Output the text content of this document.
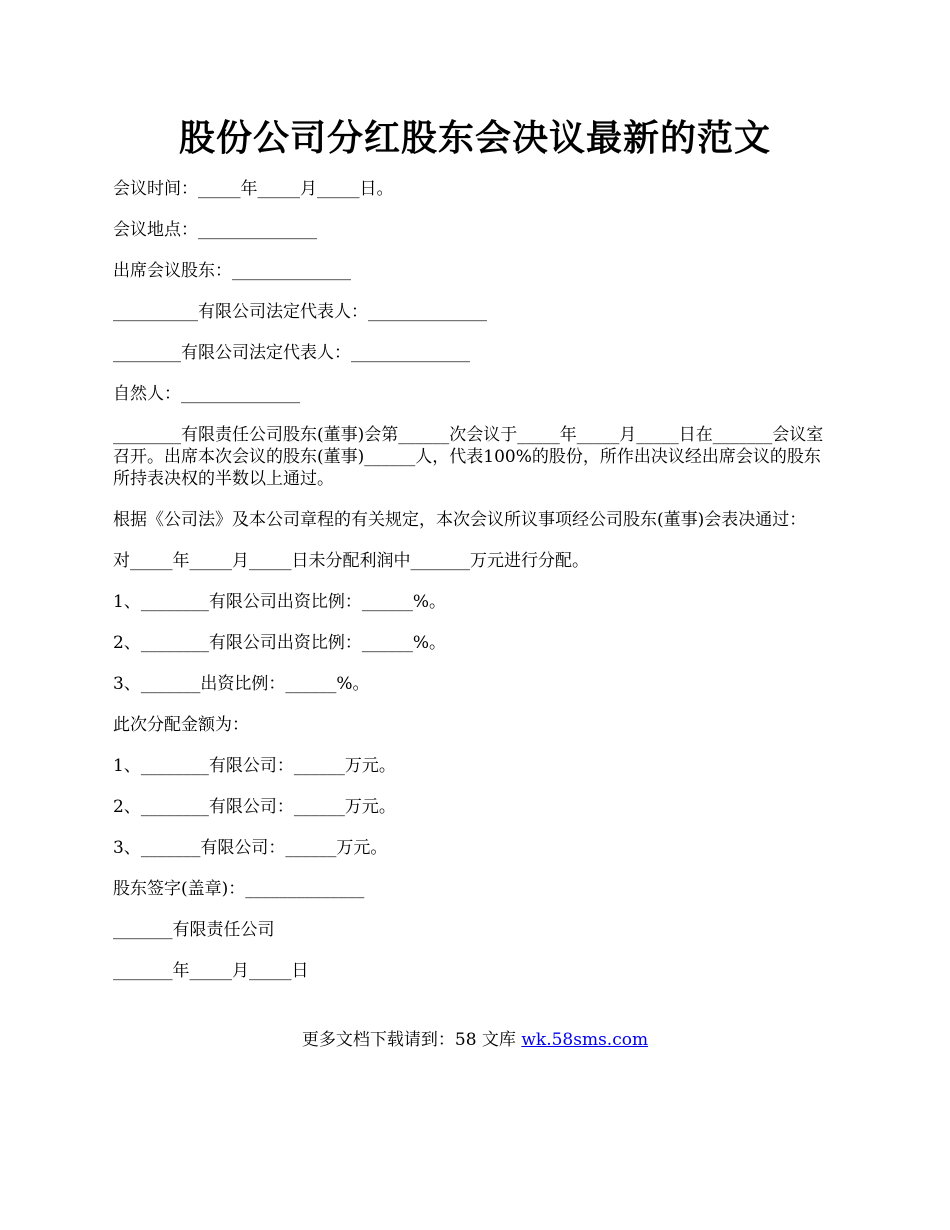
股份公司分红股东会决议最新的范文

会议时间：_____年_____月_____日。

会议地点：______________

出席会议股东：______________

__________有限公司法定代表人：______________

________有限公司法定代表人：______________

自然人：______________

________有限责任公司股东(董事)会第______次会议于_____年_____月_____日在_______会议室召开。出席本次会议的股东(董事)______人，代表100%的股份，所作出决议经出席会议的股东所持表决权的半数以上通过。

根据《公司法》及本公司章程的有关规定，本次会议所议事项经公司股东(董事)会表决通过：

对_____年_____月_____日未分配利润中_______万元进行分配。

1、________有限公司出资比例：______%。

2、________有限公司出资比例：______%。

3、_______出资比例：______%。

此次分配金额为：

1、________有限公司：______万元。

2、________有限公司：______万元。

3、_______有限公司：______万元。

股东签字(盖章)：______________

_______有限责任公司

_______年_____月_____日

更多文档下载请到：58 文库 wk.58sms.com
